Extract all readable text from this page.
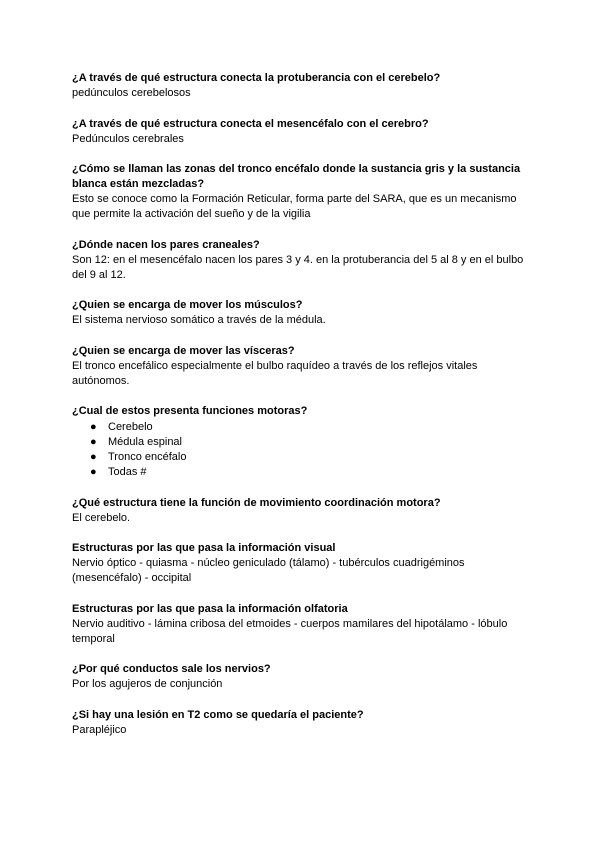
¿A través de qué estructura conecta la protuberancia con el cerebelo?

pedúnculos cerebelosos

¿A través de qué estructura conecta el mesencéfalo con el cerebro?

Pedúnculos cerebrales

¿Cómo se llaman las zonas del tronco encéfalo donde la sustancia gris y la sustancia blanca están mezcladas?

Esto se conoce como la Formación Reticular, forma parte del SARA, que es un mecanismo que permite la activación del sueño y de la vigilia

¿Dónde nacen los pares craneales?

Son 12: en el mesencéfalo nacen los pares 3 y 4. en la protuberancia del 5 al 8 y en el bulbo del 9 al 12.

¿Quien se encarga de mover los músculos?

El sistema nervioso somático a través de la médula.

¿Quien se encarga de mover las vísceras?

El tronco encefálico especialmente el bulbo raquídeo a través de los reflejos vitales autónomos.

¿Cual de estos presenta funciones motoras?

● Cerebelo
● Médula espinal
● Tronco encéfalo
● Todas #

¿Qué estructura tiene la función de movimiento coordinación motora?

El cerebelo.

Estructuras por las que pasa la información visual

Nervio óptico - quiasma - núcleo geniculado (tálamo) - tubérculos cuadrigéminos (mesencéfalo) - occipital

Estructuras por las que pasa la información olfatoria

Nervio auditivo - lámina cribosa del etmoides - cuerpos mamilares del hipotálamo - lóbulo temporal

¿Por qué conductos sale los nervios?

Por los agujeros de conjunción

¿Si hay una lesión en T2 como se quedaría el paciente?

Parapléjico
